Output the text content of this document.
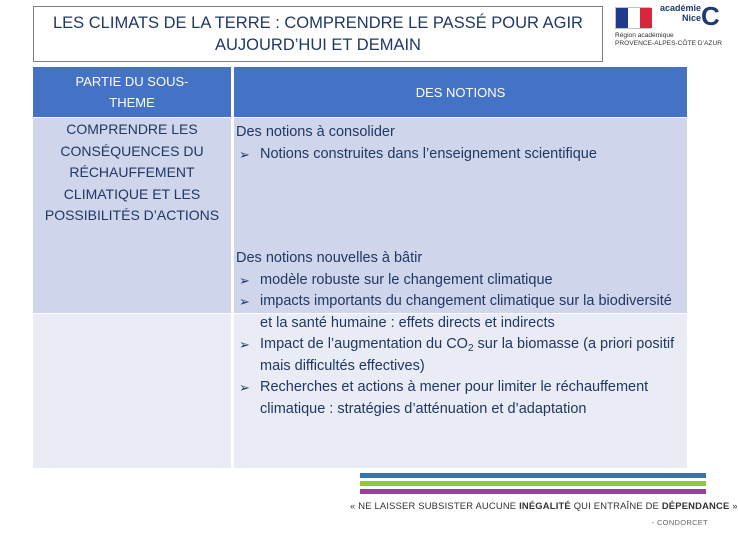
LES CLIMATS DE LA TERRE : COMPRENDRE LE PASSÉ POUR AGIR
AUJOURD’HUI ET DEMAIN
académie
Nice C
Région académique
PROVENCE-ALPES-CÔTE D’AZUR
PARTIE DU SOUS-
THEME
DES NOTIONS
COMPRENDRE LES
CONSÉQUENCES DU
RÉCHAUFFEMENT
CLIMATIQUE ET LES
POSSIBILITÉS D’ACTIONS
Des notions à consolider
➢ Notions construites dans l’enseignement scientifique
Des notions nouvelles à bâtir
➢ modèle robuste sur le changement climatique
➢ impacts importants du changement climatique sur la biodiversité et la santé humaine : effets directs et indirects
➢ Impact de l’augmentation du $CO_2$ sur la biomasse (a priori positif mais difficultés effectives)
➢ Recherches et actions à mener pour limiter le réchauffement climatique : stratégies d’atténuation et d’adaptation
« NE LAISSER SUBSISTER AUCUNE INÉGALITÉ QUI ENTRAÎNE DE DÉPENDANCE »
- CONDORCET
